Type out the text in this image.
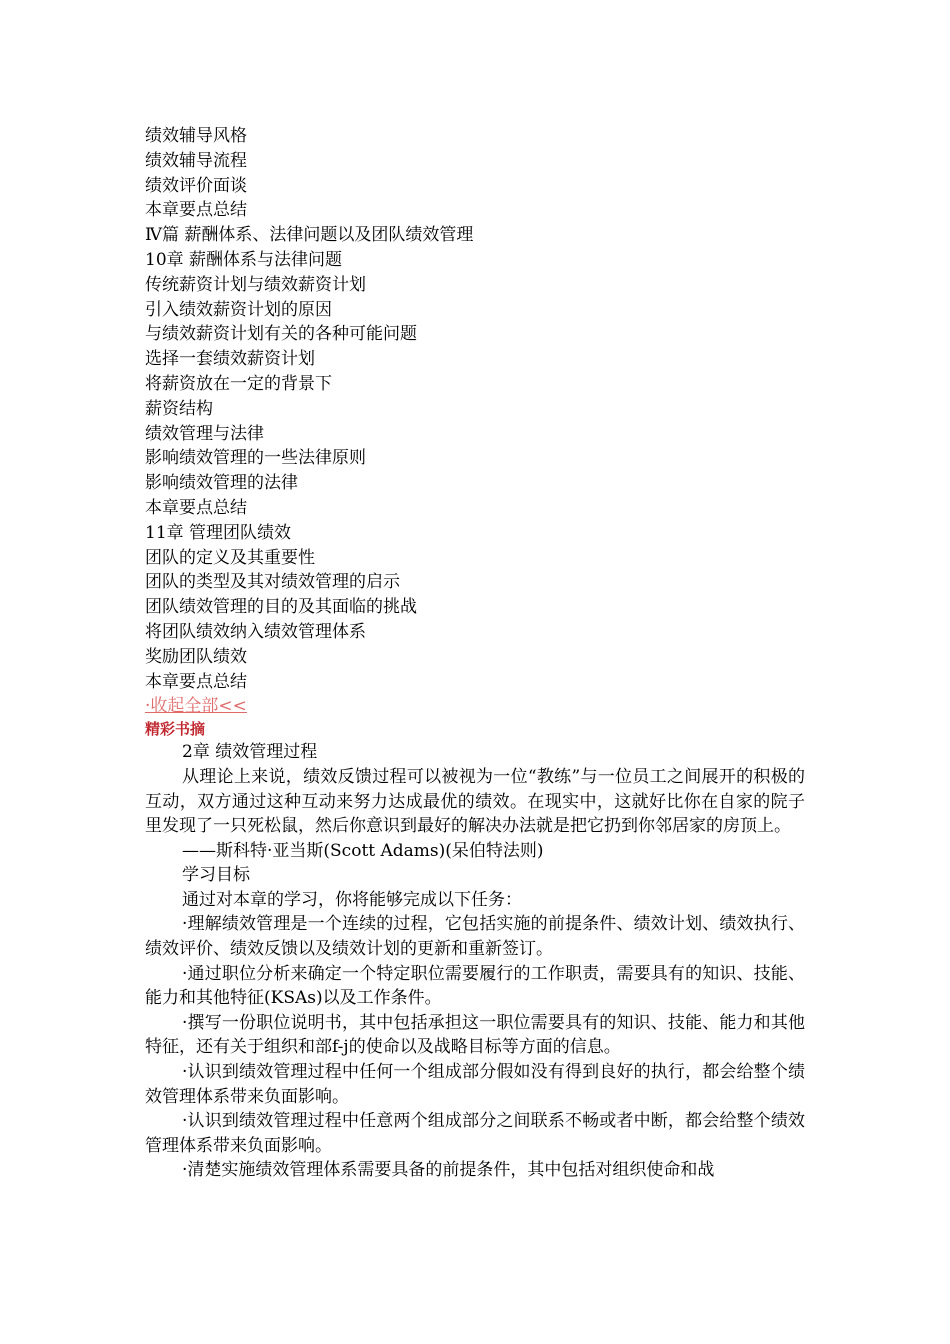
绩效辅导风格
绩效辅导流程
绩效评价面谈
本章要点总结
Ⅳ篇 薪酬体系、法律问题以及团队绩效管理
10章 薪酬体系与法律问题
传统薪资计划与绩效薪资计划
引入绩效薪资计划的原因
与绩效薪资计划有关的各种可能问题
选择一套绩效薪资计划
将薪资放在一定的背景下
薪资结构
绩效管理与法律
影响绩效管理的一些法律原则
影响绩效管理的法律
本章要点总结
11章 管理团队绩效
团队的定义及其重要性
团队的类型及其对绩效管理的启示
团队绩效管理的目的及其面临的挑战
将团队绩效纳入绩效管理体系
奖励团队绩效
本章要点总结
·收起全部<<
精彩书摘

2章 绩效管理过程

从理论上来说，绩效反馈过程可以被视为一位“教练”与一位员工之间展开的积极的互动，双方通过这种互动来努力达成最优的绩效。在现实中，这就好比你在自家的院子里发现了一只死松鼠，然后你意识到最好的解决办法就是把它扔到你邻居家的房顶上。

——斯科特·亚当斯(Scott Adams)(呆伯特法则)

学习目标

通过对本章的学习，你将能够完成以下任务：

·理解绩效管理是一个连续的过程，它包括实施的前提条件、绩效计划、绩效执行、绩效评价、绩效反馈以及绩效计划的更新和重新签订。

·通过职位分析来确定一个特定职位需要履行的工作职责，需要具有的知识、技能、能力和其他特征(KSAs)以及工作条件。

·撰写一份职位说明书，其中包括承担这一职位需要具有的知识、技能、能力和其他特征，还有关于组织和部f-j的使命以及战略目标等方面的信息。

·认识到绩效管理过程中任何一个组成部分假如没有得到良好的执行，都会给整个绩效管理体系带来负面影响。

·认识到绩效管理过程中任意两个组成部分之间联系不畅或者中断，都会给整个绩效管理体系带来负面影响。

·清楚实施绩效管理体系需要具备的前提条件，其中包括对组织使命和战
